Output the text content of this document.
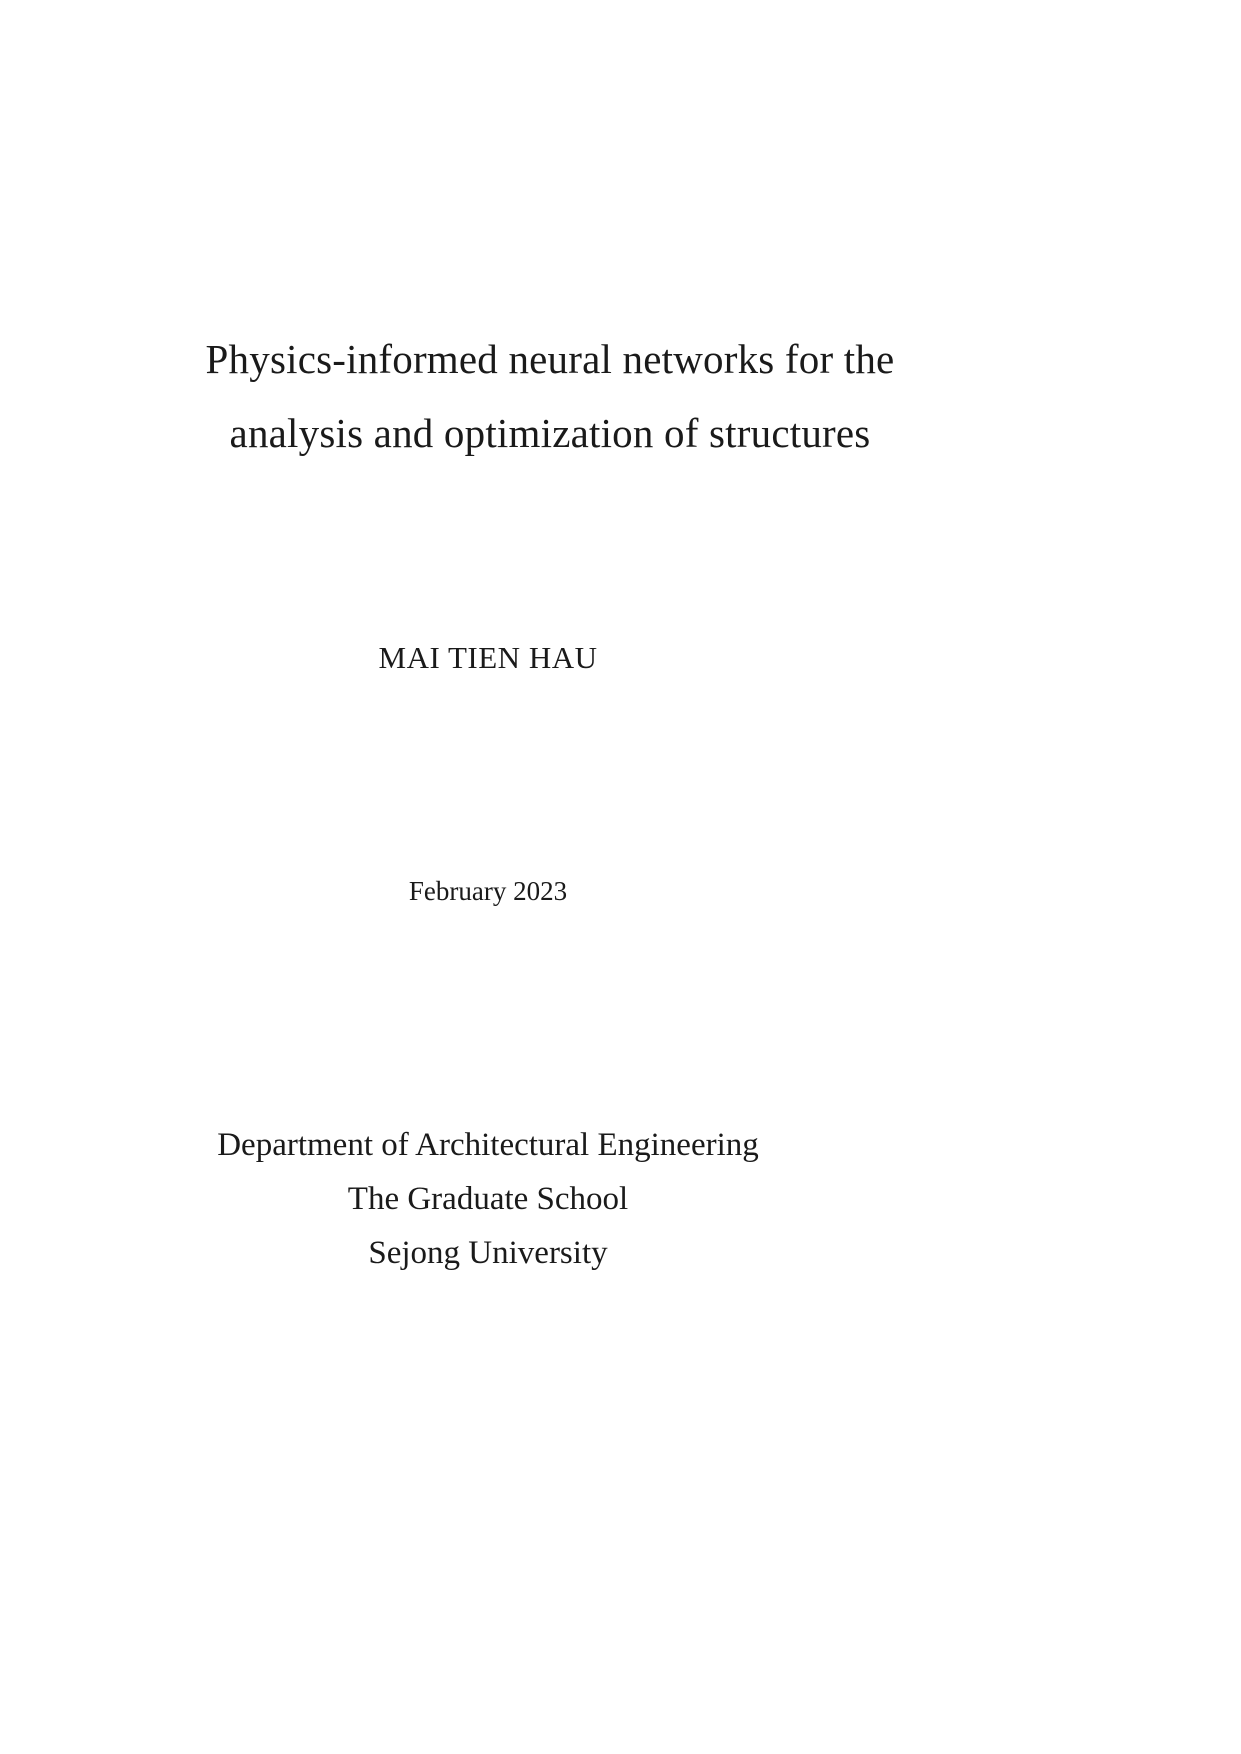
Physics-informed neural networks for the
analysis and optimization of structures
MAI TIEN HAU
February 2023
Department of Architectural Engineering
The Graduate School
Sejong University
